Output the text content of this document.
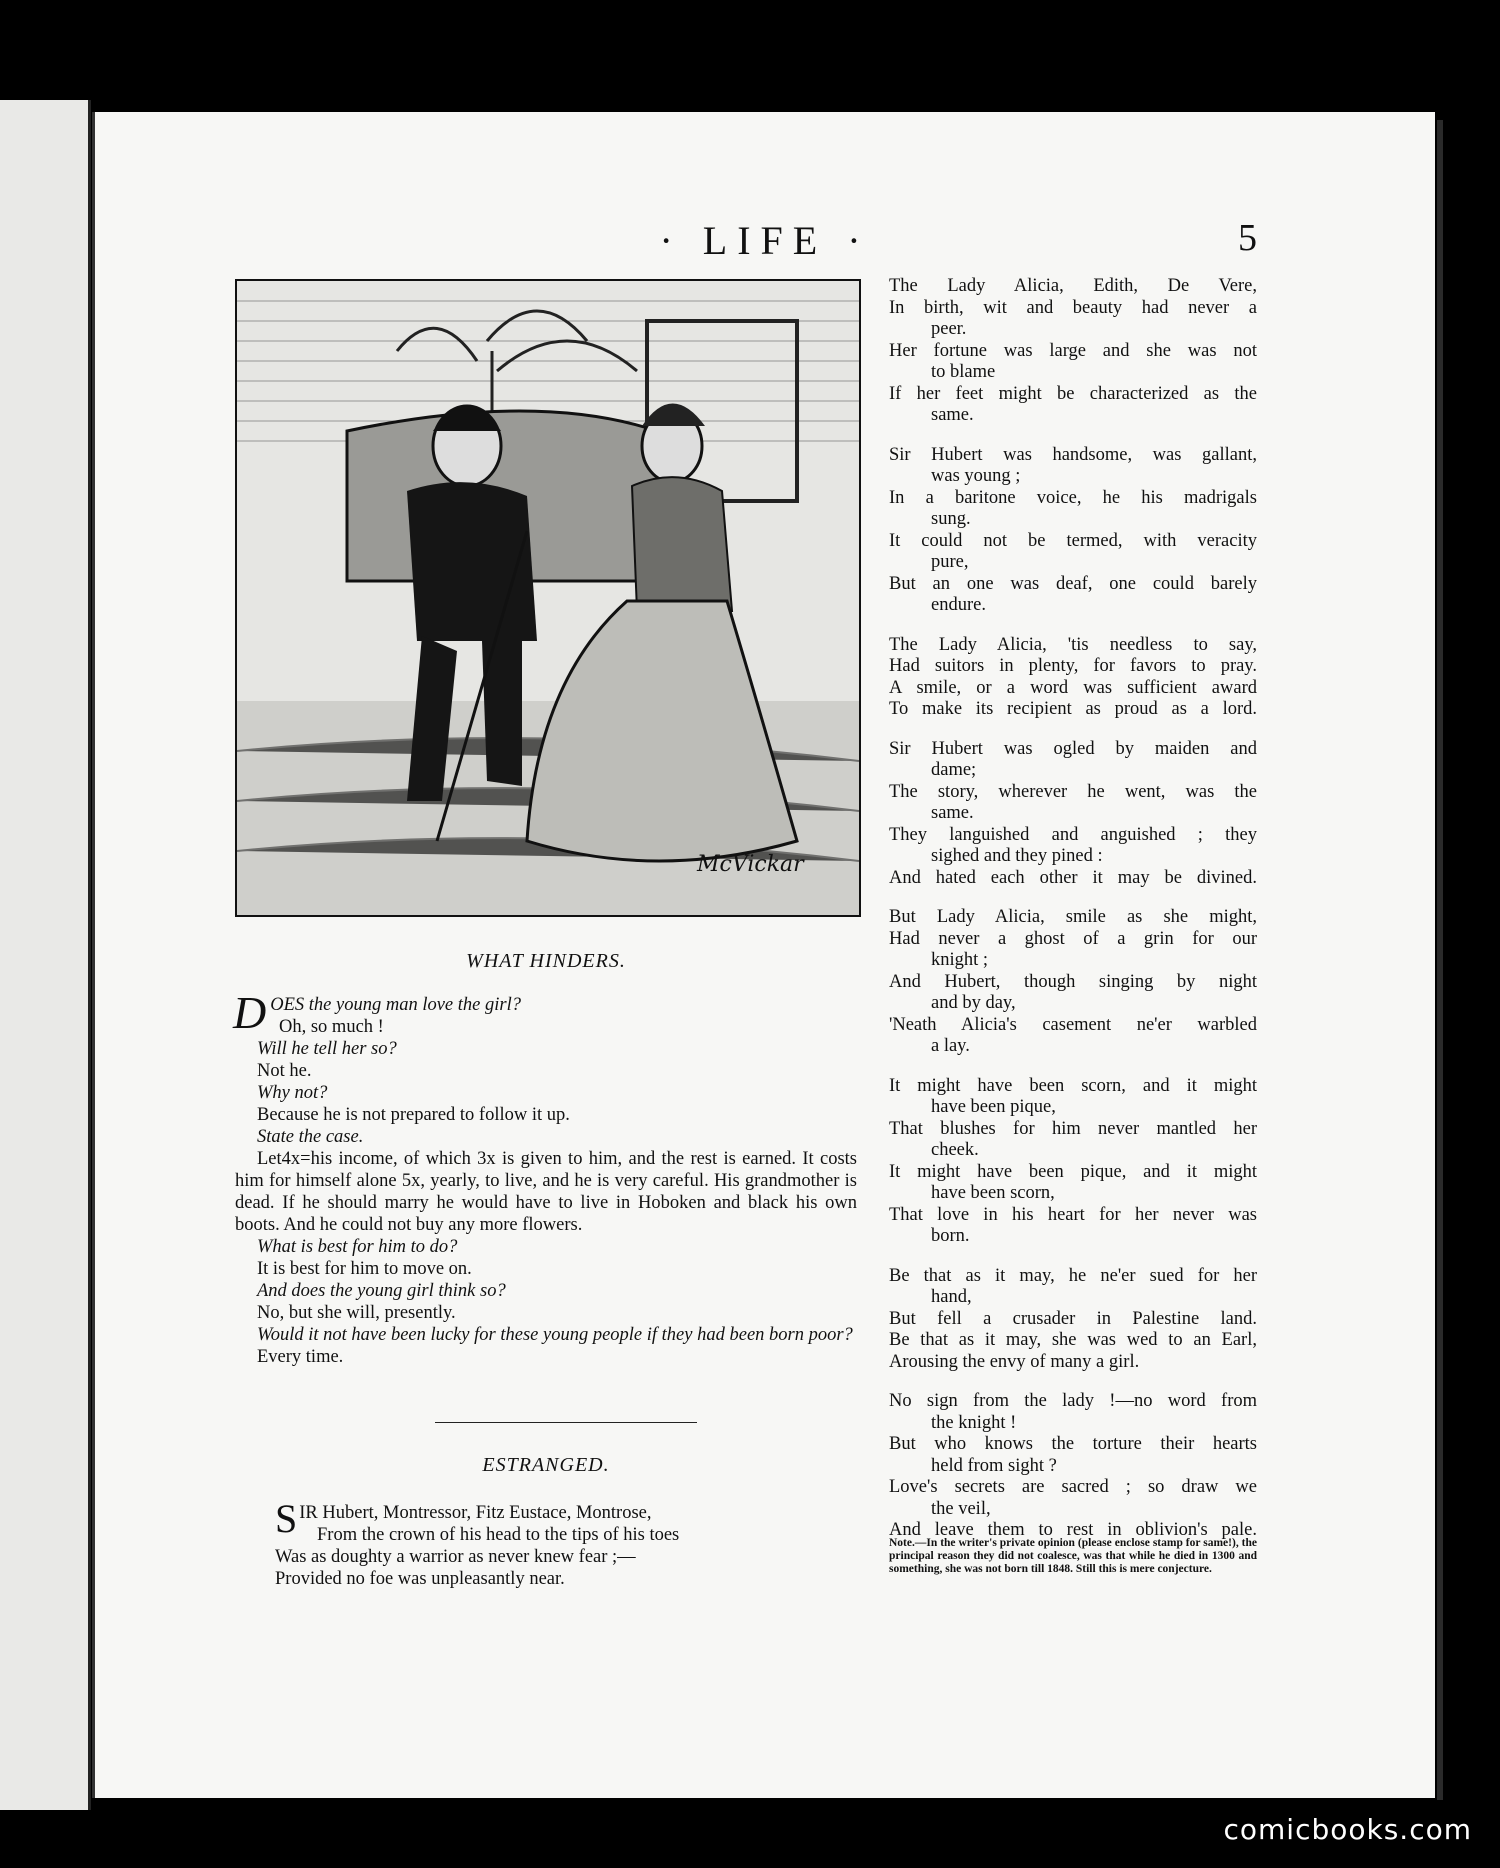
· LIFE ·	5
McVickar
WHAT HINDERS.
D OES the young man love the girl?
Oh, so much !
Will he tell her so?
Not he.
Why not?
Because he is not prepared to follow it up.
State the case.
Let4x=his income, of which 3x is given to him, and the rest is earned. It costs him for himself alone 5x, yearly, to live, and he is very careful. His grandmother is dead. If he should marry he would have to live in Hoboken and black his own boots. And he could not buy any more flowers.
What is best for him to do?
It is best for him to move on.
And does the young girl think so?
No, but she will, presently.
Would it not have been lucky for these young people if they had been born poor?
Every time.
ESTRANGED.
SIR Hubert, Montressor, Fitz Eustace, Montrose,
From the crown of his head to the tips of his toes
Was as doughty a warrior as never knew fear ;—
Provided no foe was unpleasantly near.
The Lady Alicia, Edith, De Vere,
In birth, wit and beauty had never a
peer.
Her fortune was large and she was not
to blame
If her feet might be characterized as the
same.
Sir Hubert was handsome, was gallant,
was young ;
In a baritone voice, he his madrigals
sung.
It could not be termed, with veracity
pure,
But an one was deaf, one could barely
endure.
The Lady Alicia, 'tis needless to say,
Had suitors in plenty, for favors to pray.
A smile, or a word was sufficient award
To make its recipient as proud as a lord.
Sir Hubert was ogled by maiden and
dame;
The story, wherever he went, was the
same.
They languished and anguished ; they
sighed and they pined :
And hated each other it may be divined.
But Lady Alicia, smile as she might,
Had never a ghost of a grin for our
knight ;
And Hubert, though singing by night
and by day,
'Neath Alicia's casement ne'er warbled
a lay.
It might have been scorn, and it might
have been pique,
That blushes for him never mantled her
cheek.
It might have been pique, and it might
have been scorn,
That love in his heart for her never was
born.
Be that as it may, he ne'er sued for her
hand,
But fell a crusader in Palestine land.
Be that as it may, she was wed to an Earl,
Arousing the envy of many a girl.
No sign from the lady !—no word from
the knight !
But who knows the torture their hearts
held from sight ?
Love's secrets are sacred ; so draw we
the veil,
And leave them to rest in oblivion's pale.
Note.—In the writer's private opinion (please enclose stamp for same!), the principal reason they did not coalesce, was that while he died in 1300 and something, she was not born till 1848. Still this is mere conjecture.
comicbooks.com
